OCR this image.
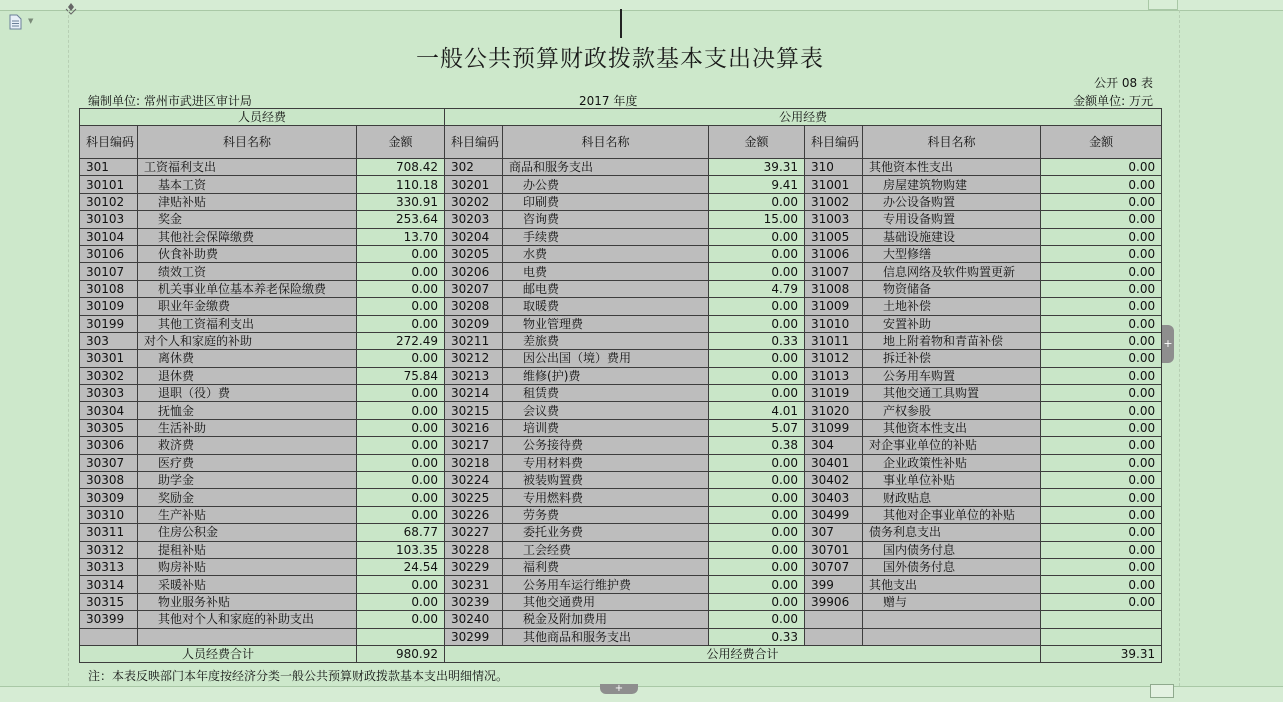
▼
一般公共预算财政拨款基本支出决算表
公开 08 表
编制单位: 常州市武进区审计局	2017 年度	金额单位: 万元
人员经费			公用经费					
科目编码	科目名称	金额	科目编码	科目名称	金额	科目编码	科目名称	金额
301	工资福利支出	708.42	302	商品和服务支出	39.31	310	其他资本性支出	0.00
30101	基本工资	110.18	30201	办公费	9.41	31001	房屋建筑物购建	0.00
30102	津贴补贴	330.91	30202	印刷费	0.00	31002	办公设备购置	0.00
30103	奖金	253.64	30203	咨询费	15.00	31003	专用设备购置	0.00
30104	其他社会保障缴费	13.70	30204	手续费	0.00	31005	基础设施建设	0.00
30106	伙食补助费	0.00	30205	水费	0.00	31006	大型修缮	0.00
30107	绩效工资	0.00	30206	电费	0.00	31007	信息网络及软件购置更新	0.00
30108	机关事业单位基本养老保险缴费	0.00	30207	邮电费	4.79	31008	物资储备	0.00
30109	职业年金缴费	0.00	30208	取暖费	0.00	31009	土地补偿	0.00
30199	其他工资福利支出	0.00	30209	物业管理费	0.00	31010	安置补助	0.00
303	对个人和家庭的补助	272.49	30211	差旅费	0.33	31011	地上附着物和青苗补偿	0.00
30301	离休费	0.00	30212	因公出国（境）费用	0.00	31012	拆迁补偿	0.00
30302	退休费	75.84	30213	维修(护)费	0.00	31013	公务用车购置	0.00
30303	退职（役）费	0.00	30214	租赁费	0.00	31019	其他交通工具购置	0.00
30304	抚恤金	0.00	30215	会议费	4.01	31020	产权参股	0.00
30305	生活补助	0.00	30216	培训费	5.07	31099	其他资本性支出	0.00
30306	救济费	0.00	30217	公务接待费	0.38	304	对企事业单位的补贴	0.00
30307	医疗费	0.00	30218	专用材料费	0.00	30401	企业政策性补贴	0.00
30308	助学金	0.00	30224	被装购置费	0.00	30402	事业单位补贴	0.00
30309	奖励金	0.00	30225	专用燃料费	0.00	30403	财政贴息	0.00
30310	生产补贴	0.00	30226	劳务费	0.00	30499	其他对企事业单位的补贴	0.00
30311	住房公积金	68.77	30227	委托业务费	0.00	307	债务利息支出	0.00
30312	提租补贴	103.35	30228	工会经费	0.00	30701	国内债务付息	0.00
30313	购房补贴	24.54	30229	福利费	0.00	30707	国外债务付息	0.00
30314	采暖补贴	0.00	30231	公务用车运行维护费	0.00	399	其他支出	0.00
30315	物业服务补贴	0.00	30239	其他交通费用	0.00	39906	赠与	0.00
30399	其他对个人和家庭的补助支出	0.00	30240	税金及附加费用	0.00			
			30299	其他商品和服务支出	0.33			
人员经费合计		980.92	公用经费合计					39.31
注：本表反映部门本年度按经济分类一般公共预算财政拨款基本支出明细情况。
+
+
